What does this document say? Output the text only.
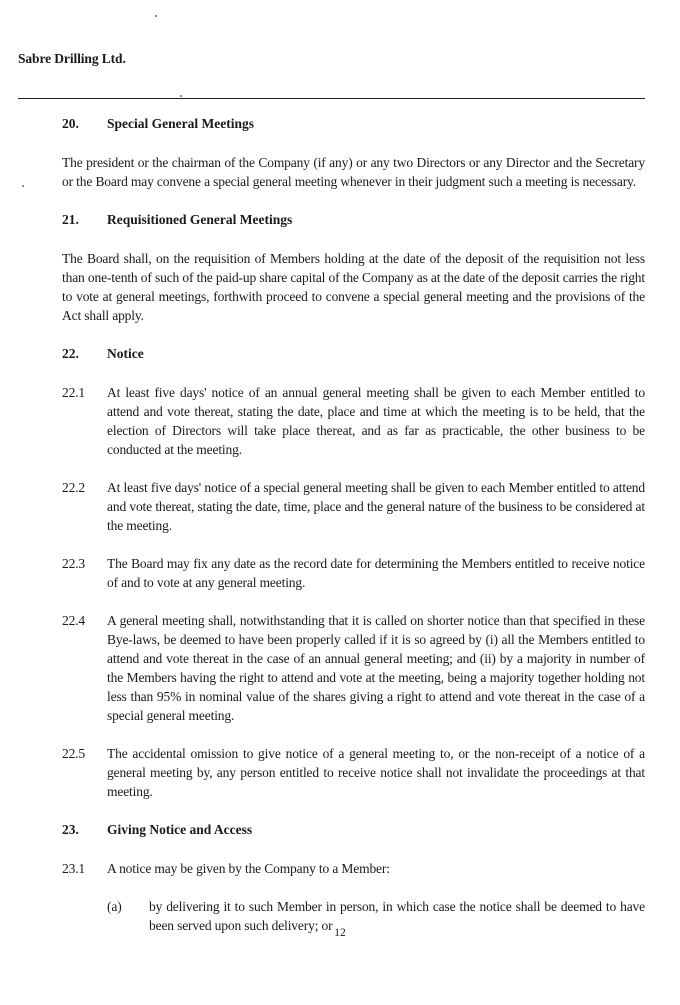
Sabre Drilling Ltd.
20.	Special General Meetings
The president or the chairman of the Company (if any) or any two Directors or any Director and the Secretary or the Board may convene a special general meeting whenever in their judgment such a meeting is necessary.
21.	Requisitioned General Meetings
The Board shall, on the requisition of Members holding at the date of the deposit of the requisition not less than one-tenth of such of the paid-up share capital of the Company as at the date of the deposit carries the right to vote at general meetings, forthwith proceed to convene a special general meeting and the provisions of the Act shall apply.
22.	Notice
22.1	At least five days' notice of an annual general meeting shall be given to each Member entitled to attend and vote thereat, stating the date, place and time at which the meeting is to be held, that the election of Directors will take place thereat, and as far as practicable, the other business to be conducted at the meeting.
22.2	At least five days' notice of a special general meeting shall be given to each Member entitled to attend and vote thereat, stating the date, time, place and the general nature of the business to be considered at the meeting.
22.3	The Board may fix any date as the record date for determining the Members entitled to receive notice of and to vote at any general meeting.
22.4	A general meeting shall, notwithstanding that it is called on shorter notice than that specified in these Bye-laws, be deemed to have been properly called if it is so agreed by (i) all the Members entitled to attend and vote thereat in the case of an annual general meeting; and (ii) by a majority in number of the Members having the right to attend and vote at the meeting, being a majority together holding not less than 95% in nominal value of the shares giving a right to attend and vote thereat in the case of a special general meeting.
22.5	The accidental omission to give notice of a general meeting to, or the non-receipt of a notice of a general meeting by, any person entitled to receive notice shall not invalidate the proceedings at that meeting.
23.	Giving Notice and Access
23.1	A notice may be given by the Company to a Member:
(a)	by delivering it to such Member in person, in which case the notice shall be deemed to have been served upon such delivery; or 12
